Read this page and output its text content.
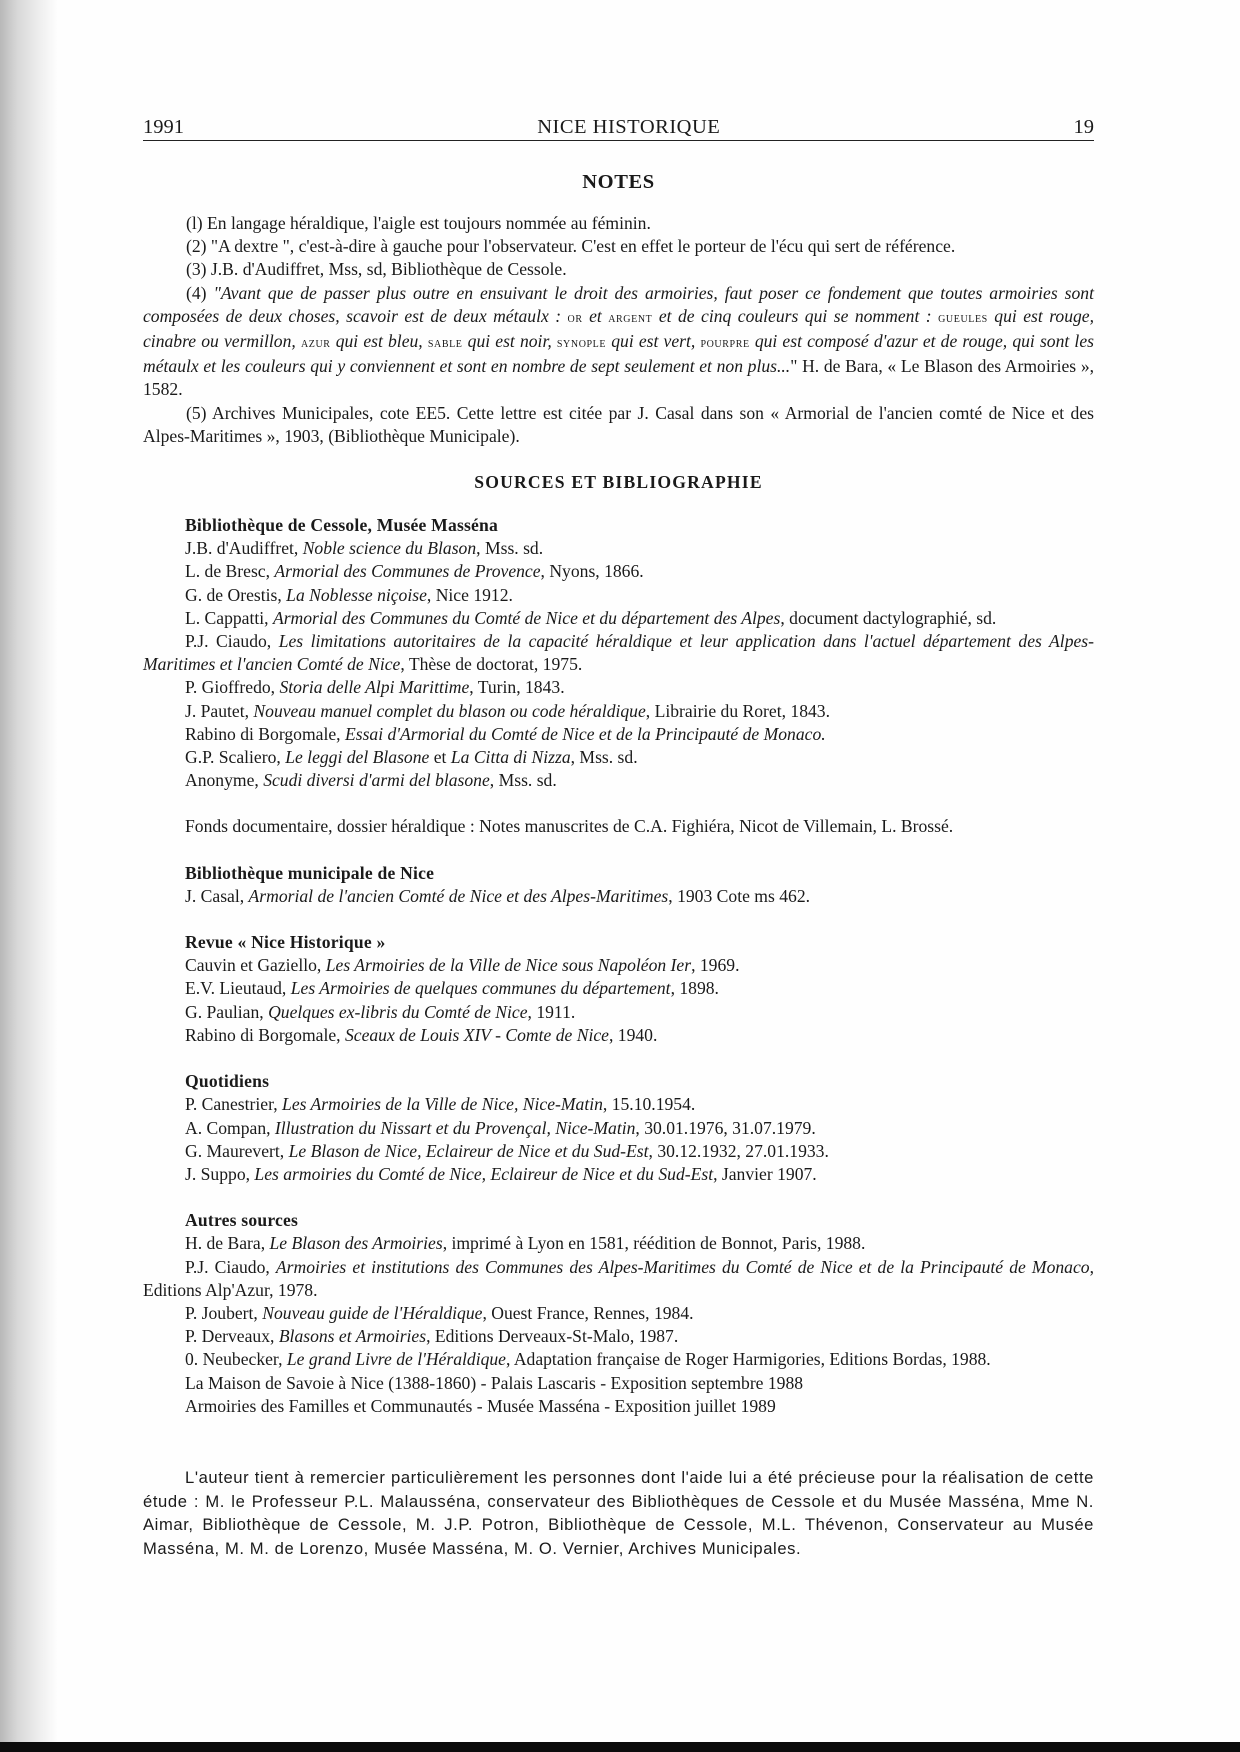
1991	NICE HISTORIQUE	19
NOTES

(l) En langage héraldique, l'aigle est toujours nommée au féminin.

(2) "A dextre ", c'est-à-dire à gauche pour l'observateur. C'est en effet le porteur de l'écu qui sert de référence.

(3) J.B. d'Audiffret, Mss, sd, Bibliothèque de Cessole.

(4) "Avant que de passer plus outre en ensuivant le droit des armoiries, faut poser ce fondement que toutes armoiries sont composées de deux choses, scavoir est de deux métaulx : or et argent et de cinq couleurs qui se nomment : gueules qui est rouge, cinabre ou vermillon, azur qui est bleu, sable qui est noir, synople qui est vert, pourpre qui est composé d'azur et de rouge, qui sont les métaulx et les couleurs qui y conviennent et sont en nombre de sept seulement et non plus..." H. de Bara, « Le Blason des Armoiries », 1582.

(5) Archives Municipales, cote EE5. Cette lettre est citée par J. Casal dans son « Armorial de l'ancien comté de Nice et des Alpes-Maritimes », 1903, (Bibliothèque Municipale).

SOURCES ET BIBLIOGRAPHIE
Bibliothèque de Cessole, Musée Masséna

J.B. d'Audiffret, Noble science du Blason, Mss. sd.

L. de Bresc, Armorial des Communes de Provence, Nyons, 1866.

G. de Orestis, La Noblesse niçoise, Nice 1912.

L. Cappatti, Armorial des Communes du Comté de Nice et du département des Alpes, document dactylographié, sd.

P.J. Ciaudo, Les limitations autoritaires de la capacité héraldique et leur application dans l'actuel département des Alpes-Maritimes et l'ancien Comté de Nice, Thèse de doctorat, 1975.

P. Gioffredo, Storia delle Alpi Marittime, Turin, 1843.

J. Pautet, Nouveau manuel complet du blason ou code héraldique, Librairie du Roret, 1843.

Rabino di Borgomale, Essai d'Armorial du Comté de Nice et de la Principauté de Monaco.

G.P. Scaliero, Le leggi del Blasone et La Citta di Nizza, Mss. sd.

Anonyme, Scudi diversi d'armi del blasone, Mss. sd.

Fonds documentaire, dossier héraldique : Notes manuscrites de C.A. Fighiéra, Nicot de Villemain, L. Brossé.

Bibliothèque municipale de Nice

J. Casal, Armorial de l'ancien Comté de Nice et des Alpes-Maritimes, 1903 Cote ms 462.

Revue « Nice Historique »

Cauvin et Gaziello, Les Armoiries de la Ville de Nice sous Napoléon Ier, 1969.

E.V. Lieutaud, Les Armoiries de quelques communes du département, 1898.

G. Paulian, Quelques ex-libris du Comté de Nice, 1911.

Rabino di Borgomale, Sceaux de Louis XIV - Comte de Nice, 1940.

Quotidiens

P. Canestrier, Les Armoiries de la Ville de Nice, Nice-Matin, 15.10.1954.

A. Compan, Illustration du Nissart et du Provençal, Nice-Matin, 30.01.1976, 31.07.1979.

G. Maurevert, Le Blason de Nice, Eclaireur de Nice et du Sud-Est, 30.12.1932, 27.01.1933.

J. Suppo, Les armoiries du Comté de Nice, Eclaireur de Nice et du Sud-Est, Janvier 1907.

Autres sources

H. de Bara, Le Blason des Armoiries, imprimé à Lyon en 1581, réédition de Bonnot, Paris, 1988.

P.J. Ciaudo, Armoiries et institutions des Communes des Alpes-Maritimes du Comté de Nice et de la Principauté de Monaco, Editions Alp'Azur, 1978.

P. Joubert, Nouveau guide de l'Héraldique, Ouest France, Rennes, 1984.

P. Derveaux, Blasons et Armoiries, Editions Derveaux-St-Malo, 1987.

0. Neubecker, Le grand Livre de l'Héraldique, Adaptation française de Roger Harmigories, Editions Bordas, 1988.

La Maison de Savoie à Nice (1388-1860) - Palais Lascaris - Exposition septembre 1988

Armoiries des Familles et Communautés - Musée Masséna - Exposition juillet 1989

L'auteur tient à remercier particulièrement les personnes dont l'aide lui a été précieuse pour la réalisation de cette étude : M. le Professeur P.L. Malausséna, conservateur des Bibliothèques de Cessole et du Musée Masséna, Mme N. Aimar, Bibliothèque de Cessole, M. J.P. Potron, Bibliothèque de Cessole, M.L. Thévenon, Conservateur au Musée Masséna, M. M. de Lorenzo, Musée Masséna, M. O. Vernier, Archives Municipales.
